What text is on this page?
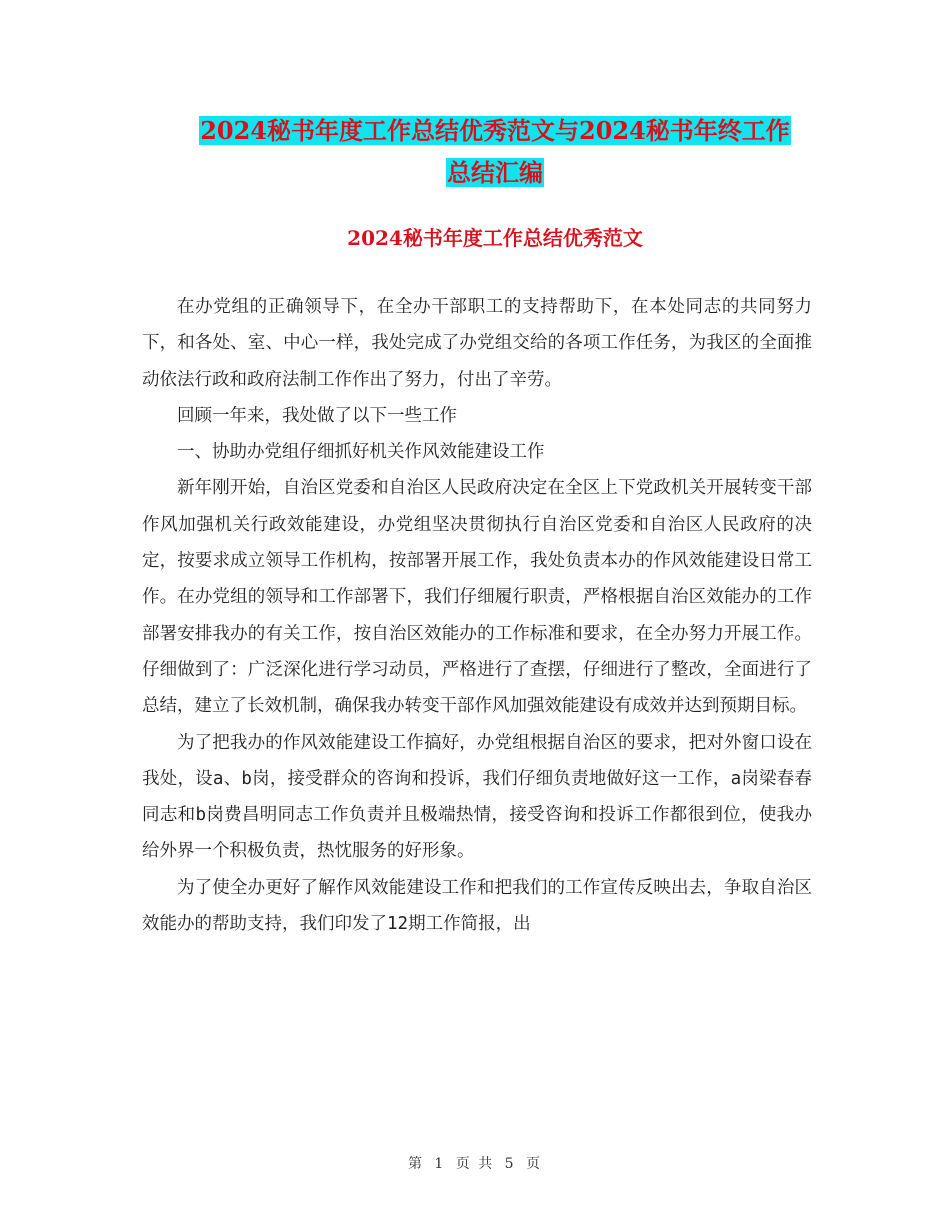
2024秘书年度工作总结优秀范文与2024秘书年终工作
总结汇编
2024秘书年度工作总结优秀范文

在办党组的正确领导下，在全办干部职工的支持帮助下，在本处同志的共同努力下，和各处、室、中心一样，我处完成了办党组交给的各项工作任务，为我区的全面推动依法行政和政府法制工作作出了努力，付出了辛劳。

回顾一年来，我处做了以下一些工作

一、协助办党组仔细抓好机关作风效能建设工作

新年刚开始，自治区党委和自治区人民政府决定在全区上下党政机关开展转变干部作风加强机关行政效能建设，办党组坚决贯彻执行自治区党委和自治区人民政府的决定，按要求成立领导工作机构，按部署开展工作，我处负责本办的作风效能建设日常工作。在办党组的领导和工作部署下，我们仔细履行职责，严格根据自治区效能办的工作部署安排我办的有关工作，按自治区效能办的工作标准和要求，在全办努力开展工作。仔细做到了：广泛深化进行学习动员，严格进行了查摆，仔细进行了整改，全面进行了总结，建立了长效机制，确保我办转变干部作风加强效能建设有成效并达到预期目标。

为了把我办的作风效能建设工作搞好，办党组根据自治区的要求，把对外窗口设在我处，设a、b岗，接受群众的咨询和投诉，我们仔细负责地做好这一工作，a岗梁春春同志和b岗费昌明同志工作负责并且极端热情，接受咨询和投诉工作都很到位，使我办给外界一个积极负责，热忱服务的好形象。

为了使全办更好了解作风效能建设工作和把我们的工作宣传反映出去，争取自治区效能办的帮助支持，我们印发了12期工作简报，出

第 1 页 共 5 页
